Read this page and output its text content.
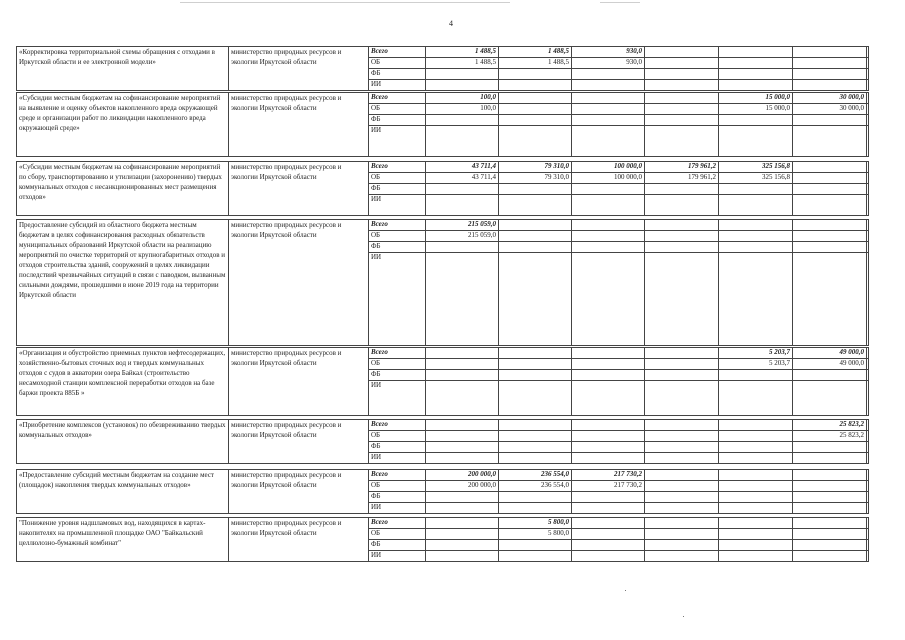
4
«Корректировка территориальной схемы обращения с отходами в Иркутской области и ее электронной модели»	министерство природных ресурсов и экологии Иркутской области	Всего	1 488,5	1 488,5	930,0					
		ОБ	1 488,5	1 488,5	930,0					
		ФБ								
		ИИ								

«Субсидии местным бюджетам на софинансирование мероприятий на выявление и оценку объектов накопленного вреда окружающей среде и организации работ по ликвидации накопленного вреда окружающей среде»	министерство природных ресурсов и экологии Иркутской области	Всего	100,0				15 000,0	30 000,0		
		ОБ	100,0				15 000,0	30 000,0		
		ФБ								
		ИИ								

«Субсидии местным бюджетам на софинансирование мероприятий по сбору, транспортированию и утилизации (захоронению) твердых коммунальных отходов с несанкционированных мест размещения отходов»	министерство природных ресурсов и экологии Иркутской области	Всего	43 711,4	79 310,0	100 000,0	179 961,2	325 156,8			
		ОБ	43 711,4	79 310,0	100 000,0	179 961,2	325 156,8			
		ФБ								
		ИИ								

Предоставление субсидий из областного бюджета местным бюджетам в целях софинансирования расходных обязательств муниципальных образований Иркутской области на реализацию мероприятий по очистке территорий от крупногабаритных отходов и отходов строительства зданий, сооружений в целях ликвидации последствий чрезвычайных ситуаций в связи с паводком, вызванным сильными дождями, прошедшими в июне 2019 года на территории Иркутской области	министерство природных ресурсов и экологии Иркутской области	Всего	215 059,0							
		ОБ	215 059,0							
		ФБ								
		ИИ								

«Организация и обустройство приемных пунктов нефтесодержащих, хозяйственно-бытовых сточных вод и твердых коммунальных отходов с судов в акватории озера Байкал (строительство несамоходной станции комплексной переработки отходов на базе баржи проекта 885Б »	министерство природных ресурсов и экологии Иркутской области	Всего					5 203,7	49 000,0		
		ОБ					5 203,7	49 000,0		
		ФБ								
		ИИ								

«Приобретение комплексов (установок) по обезвреживанию твердых коммунальных отходов»	министерство природных ресурсов и экологии Иркутской области	Всего						25 823,2		
		ОБ						25 823,2		
		ФБ								
		ИИ								

«Предоставление субсидий местным бюджетам на создание мест (площадок) накопления твердых коммунальных отходов»	министерство природных ресурсов и экологии Иркутской области	Всего	200 000,0	236 554,0	217 730,2					
		ОБ	200 000,0	236 554,0	217 730,2					
		ФБ								
		ИИ								

"Понижение уровня надшламовых вод, находящихся в картах-накопителях на промышленной площадке ОАО "Байкальский целлюлозно-бумажный комбинат"	министерство природных ресурсов и экологии Иркутской области	Всего		5 800,0						
		ОБ		5 800,0						
		ФБ								
		ИИ								
